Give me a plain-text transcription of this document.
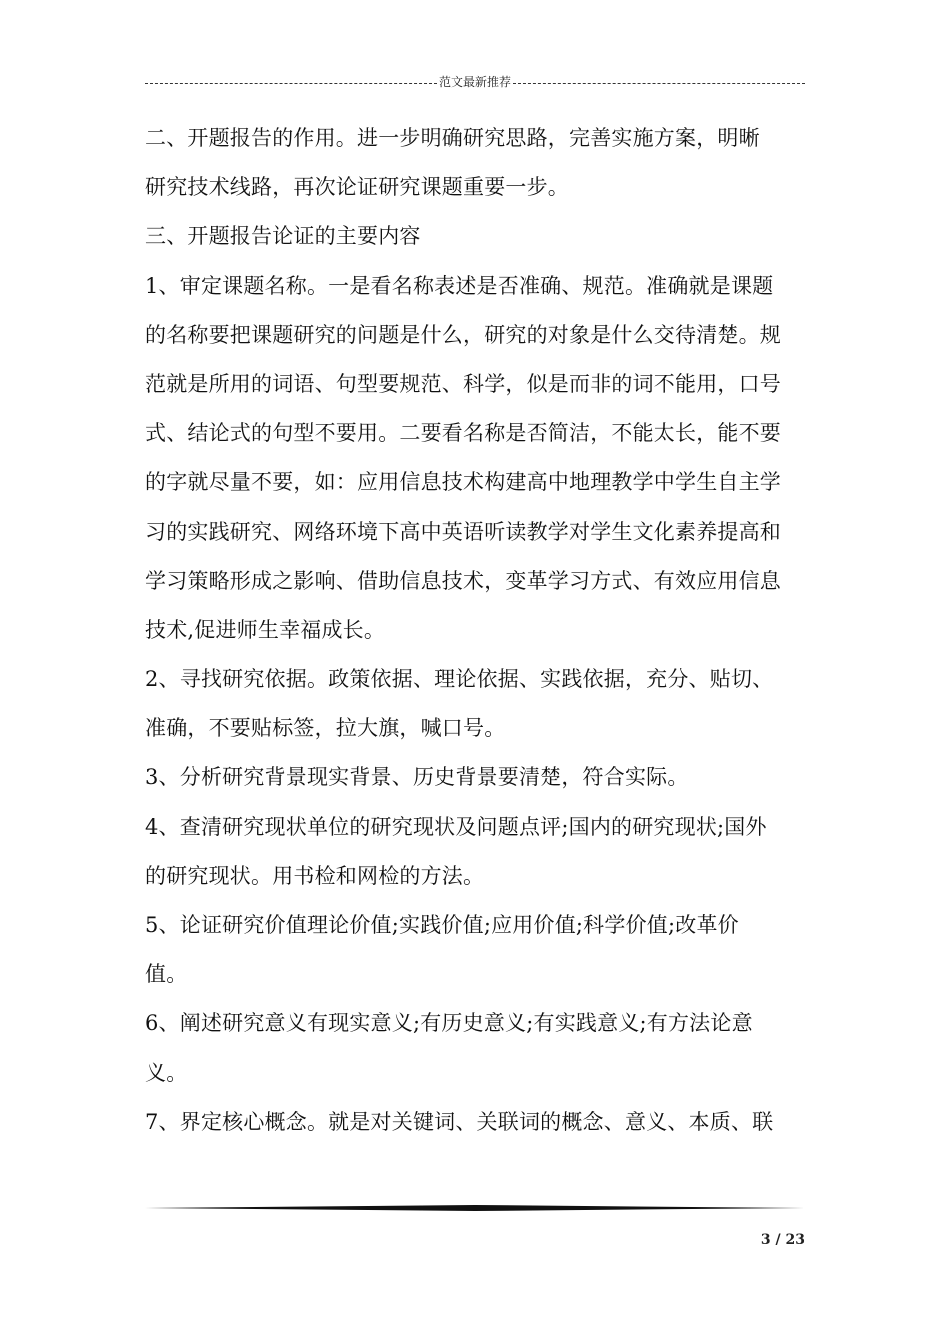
范文最新推荐
二、开题报告的作用。进一步明确研究思路，完善实施方案，明晰
研究技术线路，再次论证研究课题重要一步。
三、开题报告论证的主要内容
1、审定课题名称。一是看名称表述是否准确、规范。准确就是课题
的名称要把课题研究的问题是什么，研究的对象是什么交待清楚。规
范就是所用的词语、句型要规范、科学，似是而非的词不能用，口号
式、结论式的句型不要用。二要看名称是否简洁，不能太长，能不要
的字就尽量不要，如：应用信息技术构建高中地理教学中学生自主学
习的实践研究、网络环境下高中英语听读教学对学生文化素养提高和
学习策略形成之影响、借助信息技术，变革学习方式、有效应用信息
技术,促进师生幸福成长。
2、寻找研究依据。政策依据、理论依据、实践依据，充分、贴切、
准确，不要贴标签，拉大旗，喊口号。
3、分析研究背景现实背景、历史背景要清楚，符合实际。
4、查清研究现状单位的研究现状及问题点评;国内的研究现状;国外
的研究现状。用书检和网检的方法。
5、论证研究价值理论价值;实践价值;应用价值;科学价值;改革价
值。
6、阐述研究意义有现实意义;有历史意义;有实践意义;有方法论意
义。
7、界定核心概念。就是对关键词、关联词的概念、意义、本质、联
3 / 23
